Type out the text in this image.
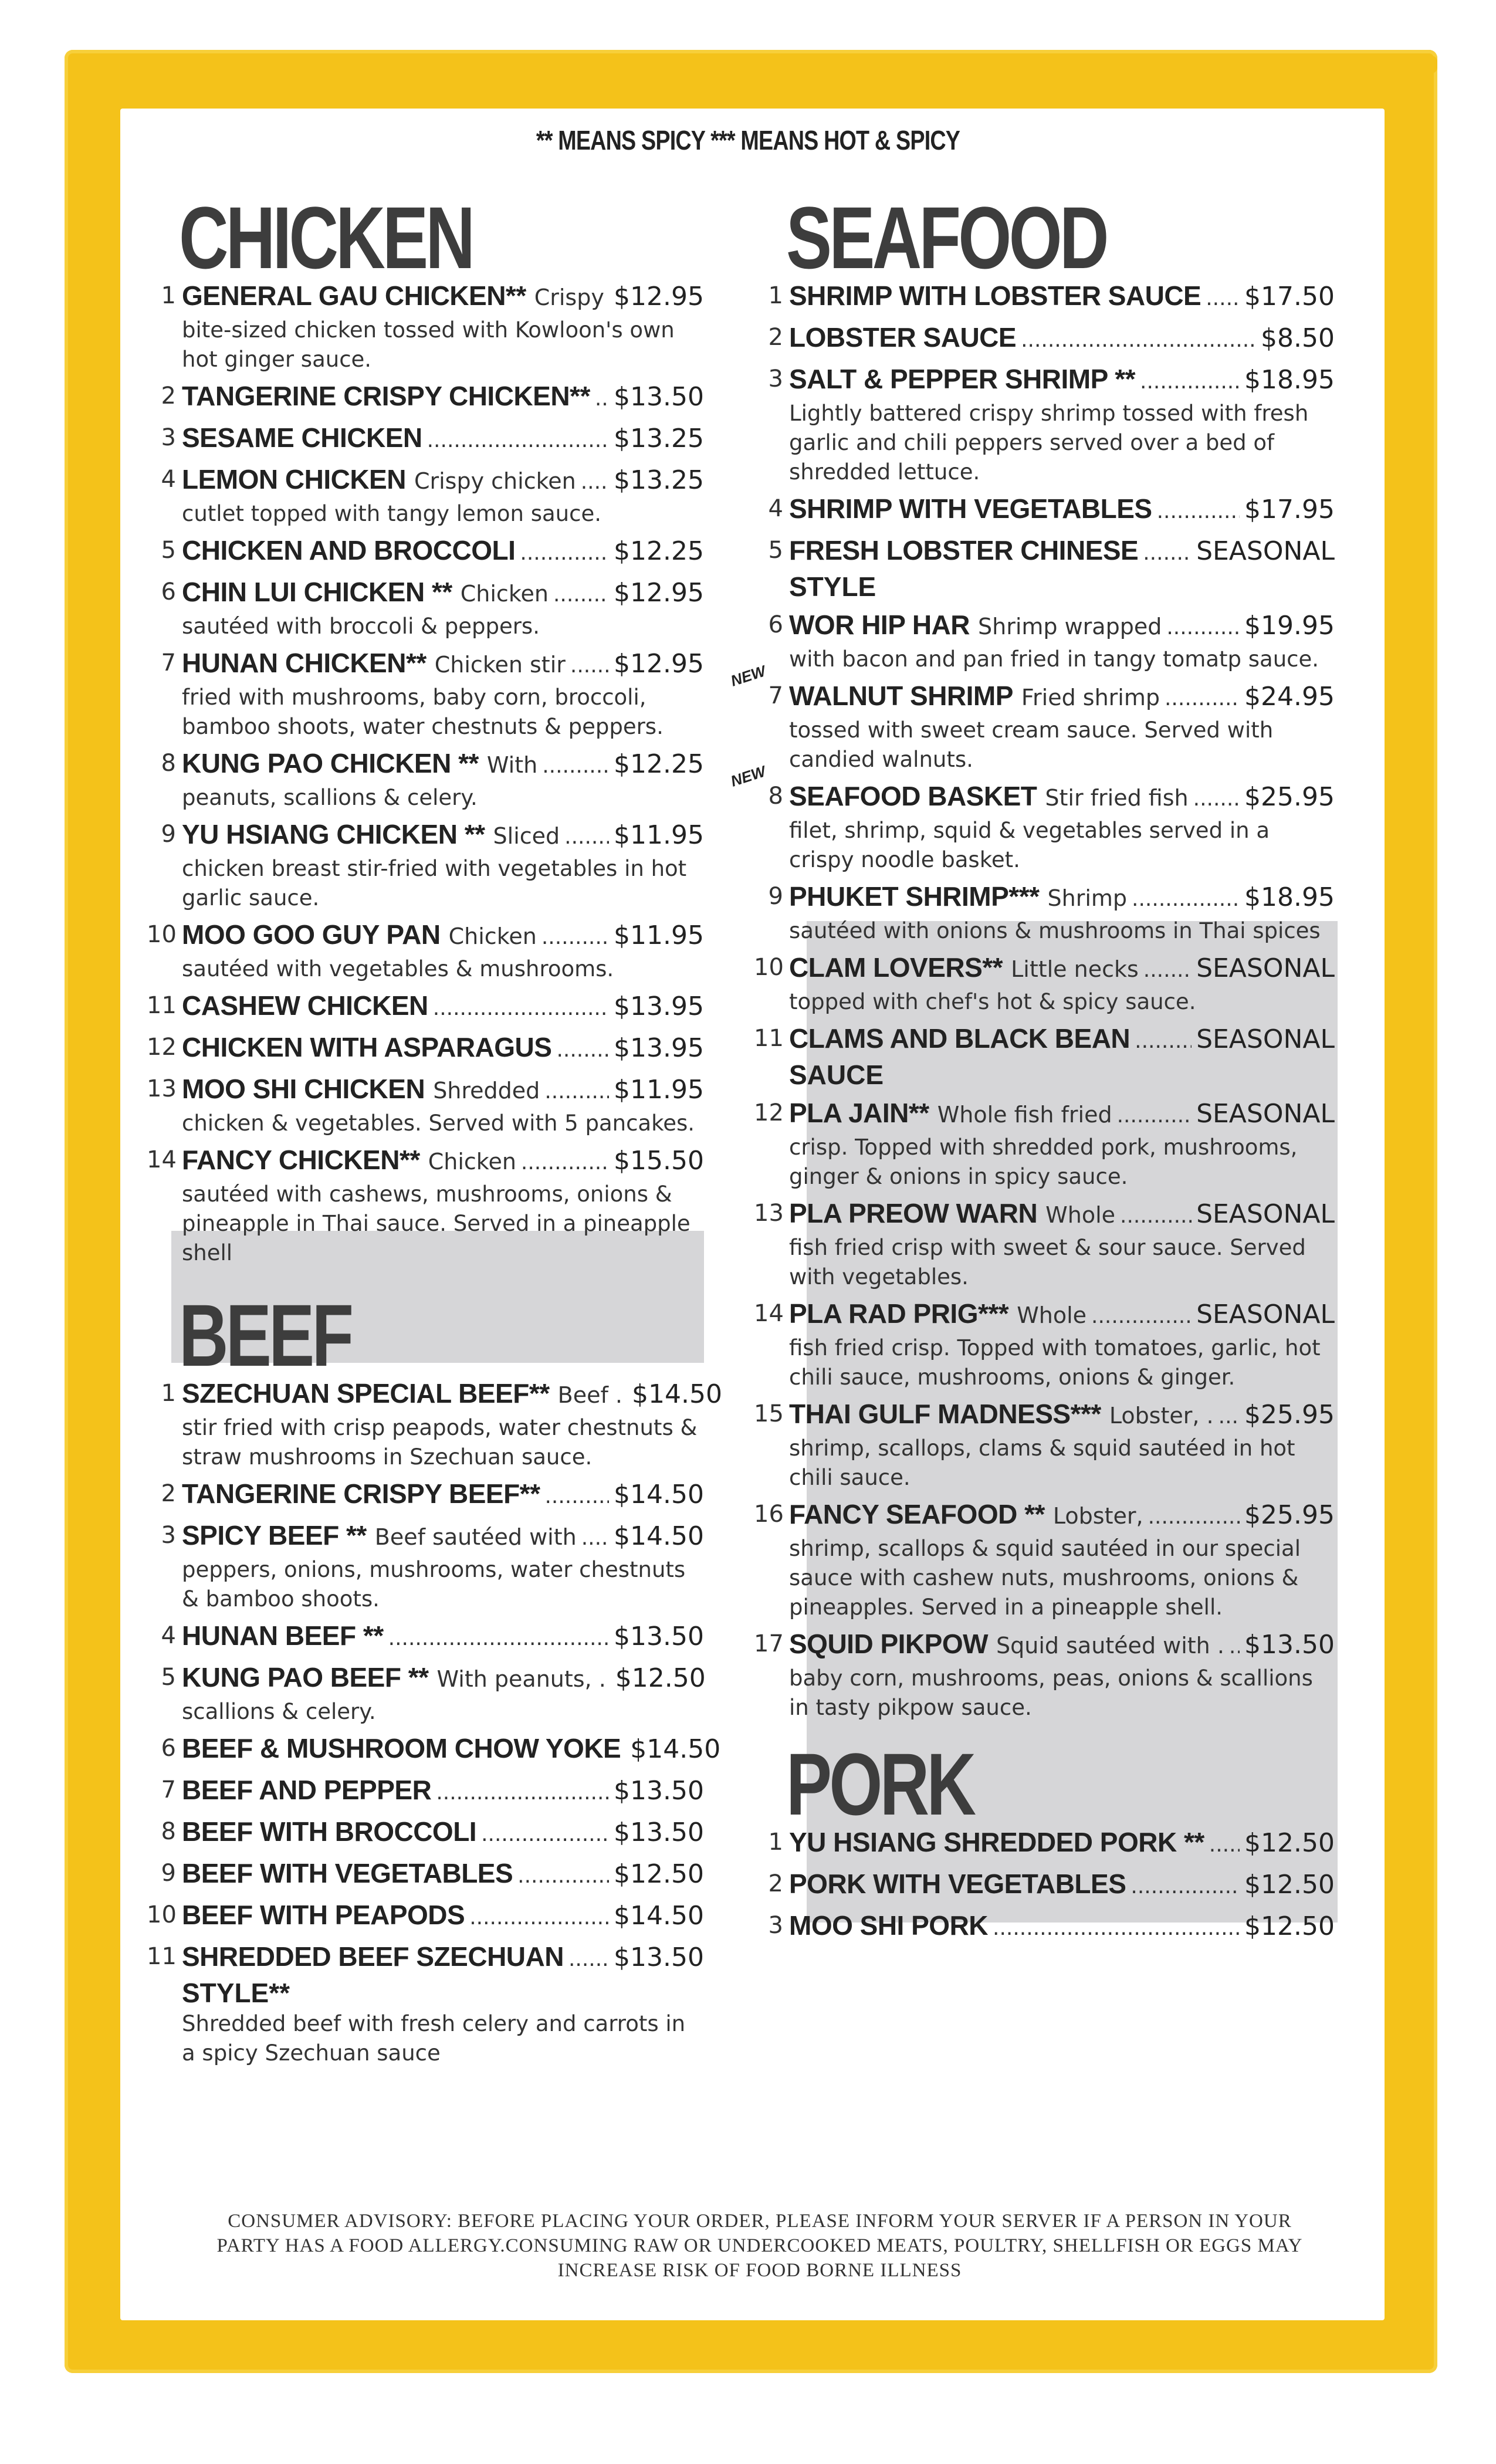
** MEANS SPICY *** MEANS HOT & SPICY
CHICKEN
1 GENERAL GAU CHICKEN** Crispy ..... $12.95
bite-sized chicken tossed with Kowloon's own hot ginger sauce.
2 TANGERINE CRISPY CHICKEN** ..... $13.50
3 SESAME CHICKEN .....	$13.25
4 LEMON CHICKEN Crispy chicken ..... $13.25
cutlet topped with tangy lemon sauce.
5 CHICKEN AND BROCCOLI .....	$12.25
6 CHIN LUI CHICKEN ** Chicken .....	$12.95
sautéed with broccoli & peppers.
7 HUNAN CHICKEN** Chicken stir ..... $12.95
fried with mushrooms, baby corn, broccoli, bamboo shoots, water chestnuts & peppers.
8 KUNG PAO CHICKEN ** With .....	$12.25
peanuts, scallions & celery.
9 YU HSIANG CHICKEN ** Sliced ..... $11.95
chicken breast stir-fried with vegetables in hot garlic sauce.
10 MOO GOO GUY PAN Chicken .....	$11.95
sautéed with vegetables & mushrooms.
11 CASHEW CHICKEN .....	$13.95
12 CHICKEN WITH ASPARAGUS ..... $13.95
13 MOO SHI CHICKEN Shredded .....	$11.95
chicken & vegetables. Served with 5 pancakes.
14 FANCY CHICKEN** Chicken .....	$15.50
sautéed with cashews, mushrooms, onions & pineapple in Thai sauce. Served in a pineapple shell
BEEF
1 SZECHUAN SPECIAL BEEF** Beef . $14.50
stir fried with crisp peapods, water chestnuts & straw mushrooms in Szechuan sauce.
2 TANGERINE CRISPY BEEF** .....	$14.50
3 SPICY BEEF ** Beef sautéed with ..... $14.50
peppers, onions, mushrooms, water chestnuts & bamboo shoots.
4 HUNAN BEEF ** .....	$13.50
5 KUNG PAO BEEF ** With peanuts, . $12.50
scallions & celery.
6 BEEF & MUSHROOM CHOW YOKE $14.50
7 BEEF AND PEPPER .....	$13.50
8 BEEF WITH BROCCOLI .....	$13.50
9 BEEF WITH VEGETABLES .....	$12.50
10 BEEF WITH PEAPODS .....	$14.50
11 SHREDDED BEEF SZECHUAN ..... $13.50
STYLE**
Shredded beef with fresh celery and carrots in a spicy Szechuan sauce
SEAFOOD
1 SHRIMP WITH LOBSTER SAUCE ..... $17.50
2 LOBSTER SAUCE .....	$8.50
3 SALT & PEPPER SHRIMP ** .....	$18.95
Lightly battered crispy shrimp tossed with fresh garlic and chili peppers served over a bed of shredded lettuce.
4 SHRIMP WITH VEGETABLES .....	$17.95
5 FRESH LOBSTER CHINESE ..... SEASONAL
STYLE
6 WOR HIP HAR Shrimp wrapped .....	$19.95
with bacon and pan fried in tangy tomatp sauce.
NEW
7 WALNUT SHRIMP Fried shrimp .....	$24.95
tossed with sweet cream sauce. Served with candied walnuts.
NEW
8 SEAFOOD BASKET Stir fried fish ..... $25.95
filet, shrimp, squid & vegetables served in a crispy noodle basket.
9 PHUKET SHRIMP*** Shrimp .....	$18.95
sautéed with onions & mushrooms in Thai spices
10 CLAM LOVERS** Little necks ..... SEASONAL
topped with chef's hot & spicy sauce.
11 CLAMS AND BLACK BEAN .....	SEASONAL
SAUCE
12 PLA JAIN** Whole fish fried .....	SEASONAL
crisp. Topped with shredded pork, mushrooms, ginger & onions in spicy sauce.
13 PLA PREOW WARN Whole .....	SEASONAL
fish fried crisp with sweet & sour sauce. Served with vegetables.
14 PLA RAD PRIG*** Whole .....	SEASONAL
fish fried crisp. Topped with tomatoes, garlic, hot chili sauce, mushrooms, onions & ginger.
15 THAI GULF MADNESS*** Lobster, . ..... $25.95
shrimp, scallops, clams & squid sautéed in hot chili sauce.
16 FANCY SEAFOOD ** Lobster, .....	$25.95
shrimp, scallops & squid sautéed in our special sauce with cashew nuts, mushrooms, onions & pineapples. Served in a pineapple shell.
17 SQUID PIKPOW Squid sautéed with . ..... $13.50
baby corn, mushrooms, peas, onions & scallions in tasty pikpow sauce.
PORK
1 YU HSIANG SHREDDED PORK ** ..... $12.50
2 PORK WITH VEGETABLES .....	$12.50
3 MOO SHI PORK .....	$12.50
CONSUMER ADVISORY: BEFORE PLACING YOUR ORDER, PLEASE INFORM YOUR SERVER IF A PERSON IN YOUR PARTY HAS A FOOD ALLERGY.CONSUMING RAW OR UNDERCOOKED MEATS, POULTRY, SHELLFISH OR EGGS MAY INCREASE RISK OF FOOD BORNE ILLNESS
